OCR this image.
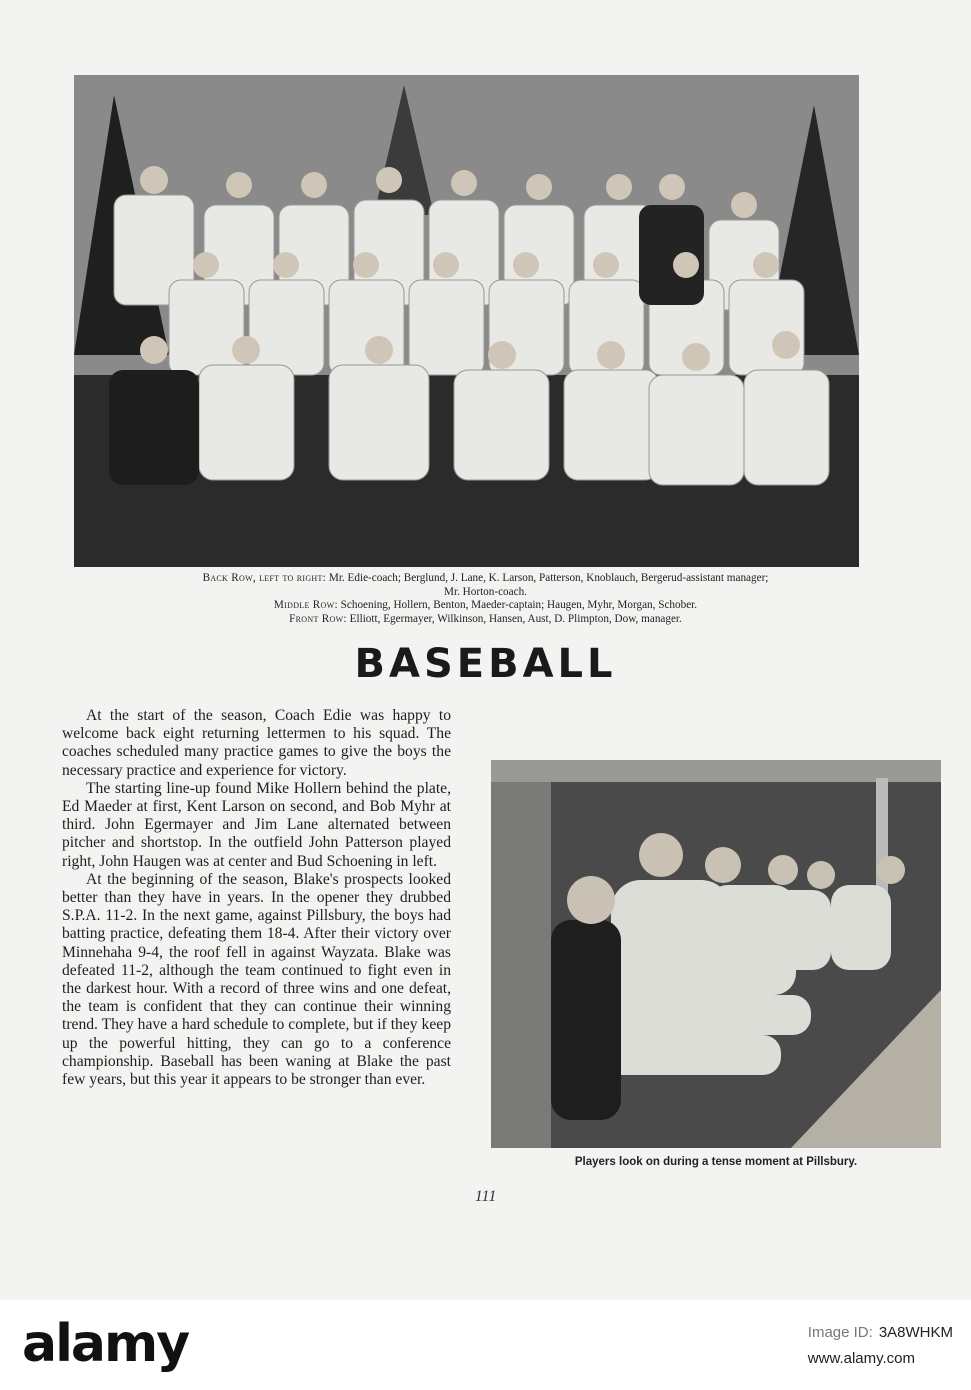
Back Row, left to right: Mr. Edie-coach; Berglund, J. Lane, K. Larson, Patterson, Knoblauch, Bergerud-assistant manager;
Mr. Horton-coach.
Middle Row: Schoening, Hollern, Benton, Maeder-captain; Haugen, Myhr, Morgan, Schober.
Front Row: Elliott, Egermayer, Wilkinson, Hansen, Aust, D. Plimpton, Dow, manager.
BASEBALL

At the start of the season, Coach Edie was happy to welcome back eight returning lettermen to his squad. The coaches scheduled many practice games to give the boys the necessary practice and experience for victory.

The starting line-up found Mike Hollern behind the plate, Ed Maeder at first, Kent Larson on second, and Bob Myhr at third. John Egermayer and Jim Lane alternated between pitcher and shortstop. In the outfield John Patterson played right, John Haugen was at center and Bud Schoening in left.

At the beginning of the season, Blake's prospects looked better than they have in years. In the opener they drubbed S.P.A. 11-2. In the next game, against Pillsbury, the boys had batting practice, defeating them 18-4. After their victory over Minnehaha 9-4, the roof fell in against Wayzata. Blake was defeated 11-2, although the team continued to fight even in the darkest hour. With a record of three wins and one defeat, the team is confident that they can continue their winning trend. They have a hard schedule to complete, but if they keep up the powerful hitting, they can go to a conference championship. Baseball has been waning at Blake the past few years, but this year it appears to be stronger than ever.

Players look on during a tense moment at Pillsbury.
111
alamy	Image ID: 3A8WHKM
www.alamy.com
